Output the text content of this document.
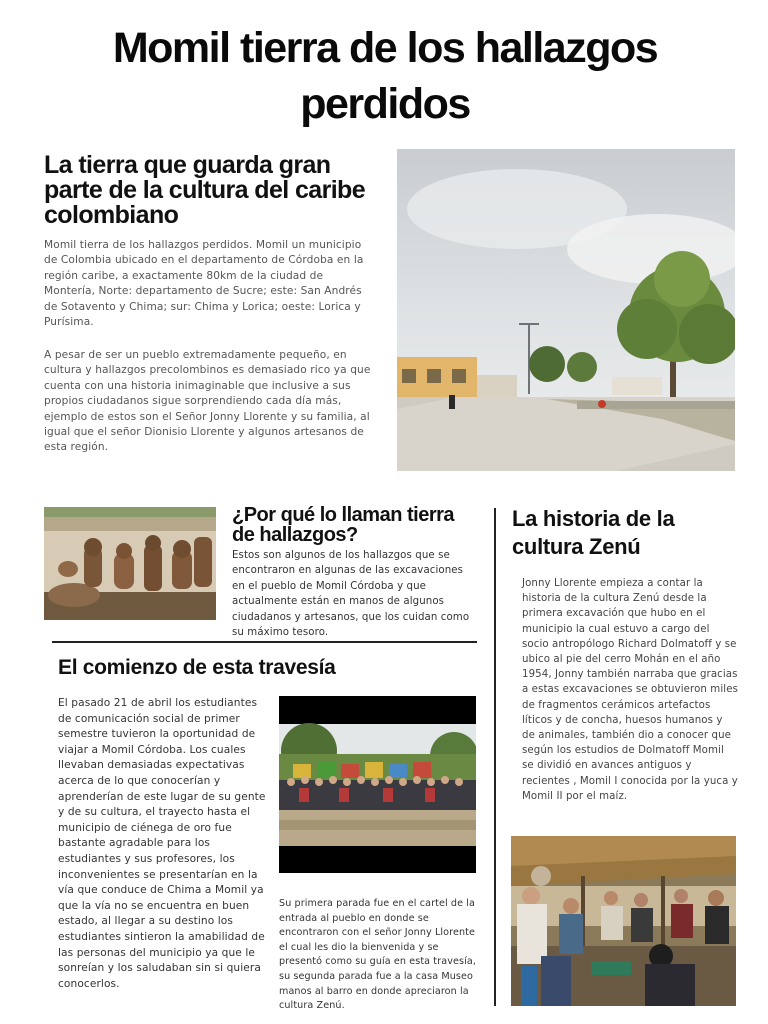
Momil tierra de los hallazgos perdidos
La tierra que guarda gran parte de la cultura del caribe colombiano

Momil tierra de los hallazgos perdidos. Momil un municipio de Colombia ubicado en el departamento de Córdoba en la región caribe, a exactamente 80km de la ciudad de Montería, Norte: departamento de Sucre; este: San Andrés de Sotavento y Chima; sur: Chima y Lorica; oeste: Lorica y Purísima.

A pesar de ser un pueblo extremadamente pequeño, en cultura y hallazgos precolombinos es demasiado rico ya que cuenta con una historia inimaginable que inclusive a sus propios ciudadanos sigue sorprendiendo cada día más, ejemplo de estos son el Señor Jonny Llorente y su familia, al igual que el señor Dionisio Llorente y algunos artesanos de esta región.

¿Por qué lo llaman tierra de hallazgos?

Estos son algunos de los hallazgos que se encontraron en algunas de las excavaciones en el pueblo de Momil Córdoba y que actualmente están en manos de algunos ciudadanos y artesanos, que los cuidan como su máximo tesoro.

El comienzo de esta travesía

El pasado 21 de abril los estudiantes de comunicación social de primer semestre tuvieron la oportunidad de viajar a Momil Córdoba. Los cuales llevaban demasiadas expectativas acerca de lo que conocerían y aprenderían de este lugar de su gente y de su cultura, el trayecto hasta el municipio de ciénega de oro fue bastante agradable para los estudiantes y sus profesores, los inconvenientes se presentarían en la vía que conduce de Chima a Momil ya que la vía no se encuentra en buen estado, al llegar a su destino los estudiantes sintieron la amabilidad de las personas del municipio ya que le sonreían y los saludaban sin si quiera conocerlos.

Su primera parada fue en el cartel de la entrada al pueblo en donde se encontraron con el señor Jonny Llorente el cual les dio la bienvenida y se presentó como su guía en esta travesía, su segunda parada fue a la casa Museo manos al barro en donde apreciaron la cultura Zenú.

La historia de la cultura Zenú

Jonny Llorente empieza a contar la historia de la cultura Zenú desde la primera excavación que hubo en el municipio la cual estuvo a cargo del socio antropólogo Richard Dolmatoff y se ubico al pie del cerro Mohán en el año 1954, Jonny también narraba que gracias a estas excavaciones se obtuvieron miles de fragmentos cerámicos artefactos líticos y de concha, huesos humanos y de animales, también dio a conocer que según los estudios de Dolmatoff Momil se dividió en avances antiguos y recientes , Momil I conocida por la yuca y Momil II por el maíz.
